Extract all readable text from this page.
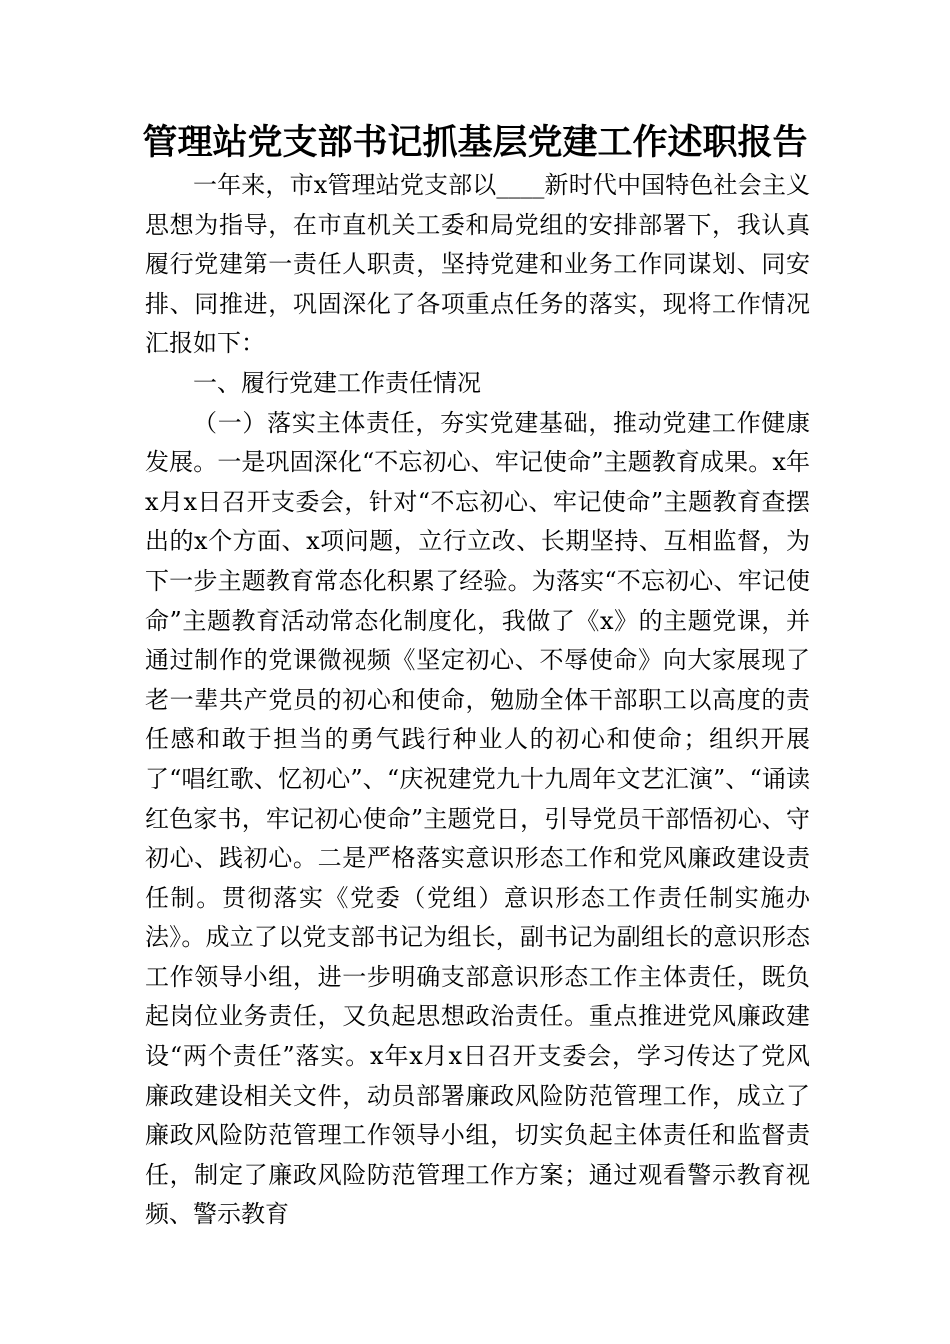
管理站党支部书记抓基层党建工作述职报告

一年来，市x管理站党支部以____新时代中国特色社会主义思想为指导，在市直机关工委和局党组的安排部署下，我认真履行党建第一责任人职责，坚持党建和业务工作同谋划、同安排、同推进，巩固深化了各项重点任务的落实，现将工作情况汇报如下：

一、履行党建工作责任情况

（一）落实主体责任，夯实党建基础，推动党建工作健康发展。一是巩固深化“不忘初心、牢记使命”主题教育成果。x年x月x日召开支委会，针对“不忘初心、牢记使命”主题教育查摆出的x个方面、x项问题，立行立改、长期坚持、互相监督，为下一步主题教育常态化积累了经验。为落实“不忘初心、牢记使命”主题教育活动常态化制度化，我做了《x》的主题党课，并通过制作的党课微视频《坚定初心、不辱使命》向大家展现了老一辈共产党员的初心和使命，勉励全体干部职工以高度的责任感和敢于担当的勇气践行种业人的初心和使命；组织开展了“唱红歌、忆初心”、“庆祝建党九十九周年文艺汇演”、“诵读红色家书，牢记初心使命”主题党日，引导党员干部悟初心、守初心、践初心。二是严格落实意识形态工作和党风廉政建设责任制。贯彻落实《党委（党组）意识形态工作责任制实施办法》。成立了以党支部书记为组长，副书记为副组长的意识形态工作领导小组，进一步明确支部意识形态工作主体责任，既负起岗位业务责任，又负起思想政治责任。重点推进党风廉政建设“两个责任”落实。x年x月x日召开支委会，学习传达了党风廉政建设相关文件，动员部署廉政风险防范管理工作，成立了廉政风险防范管理工作领导小组，切实负起主体责任和监督责任，制定了廉政风险防范管理工作方案；通过观看警示教育视频、警示教育
